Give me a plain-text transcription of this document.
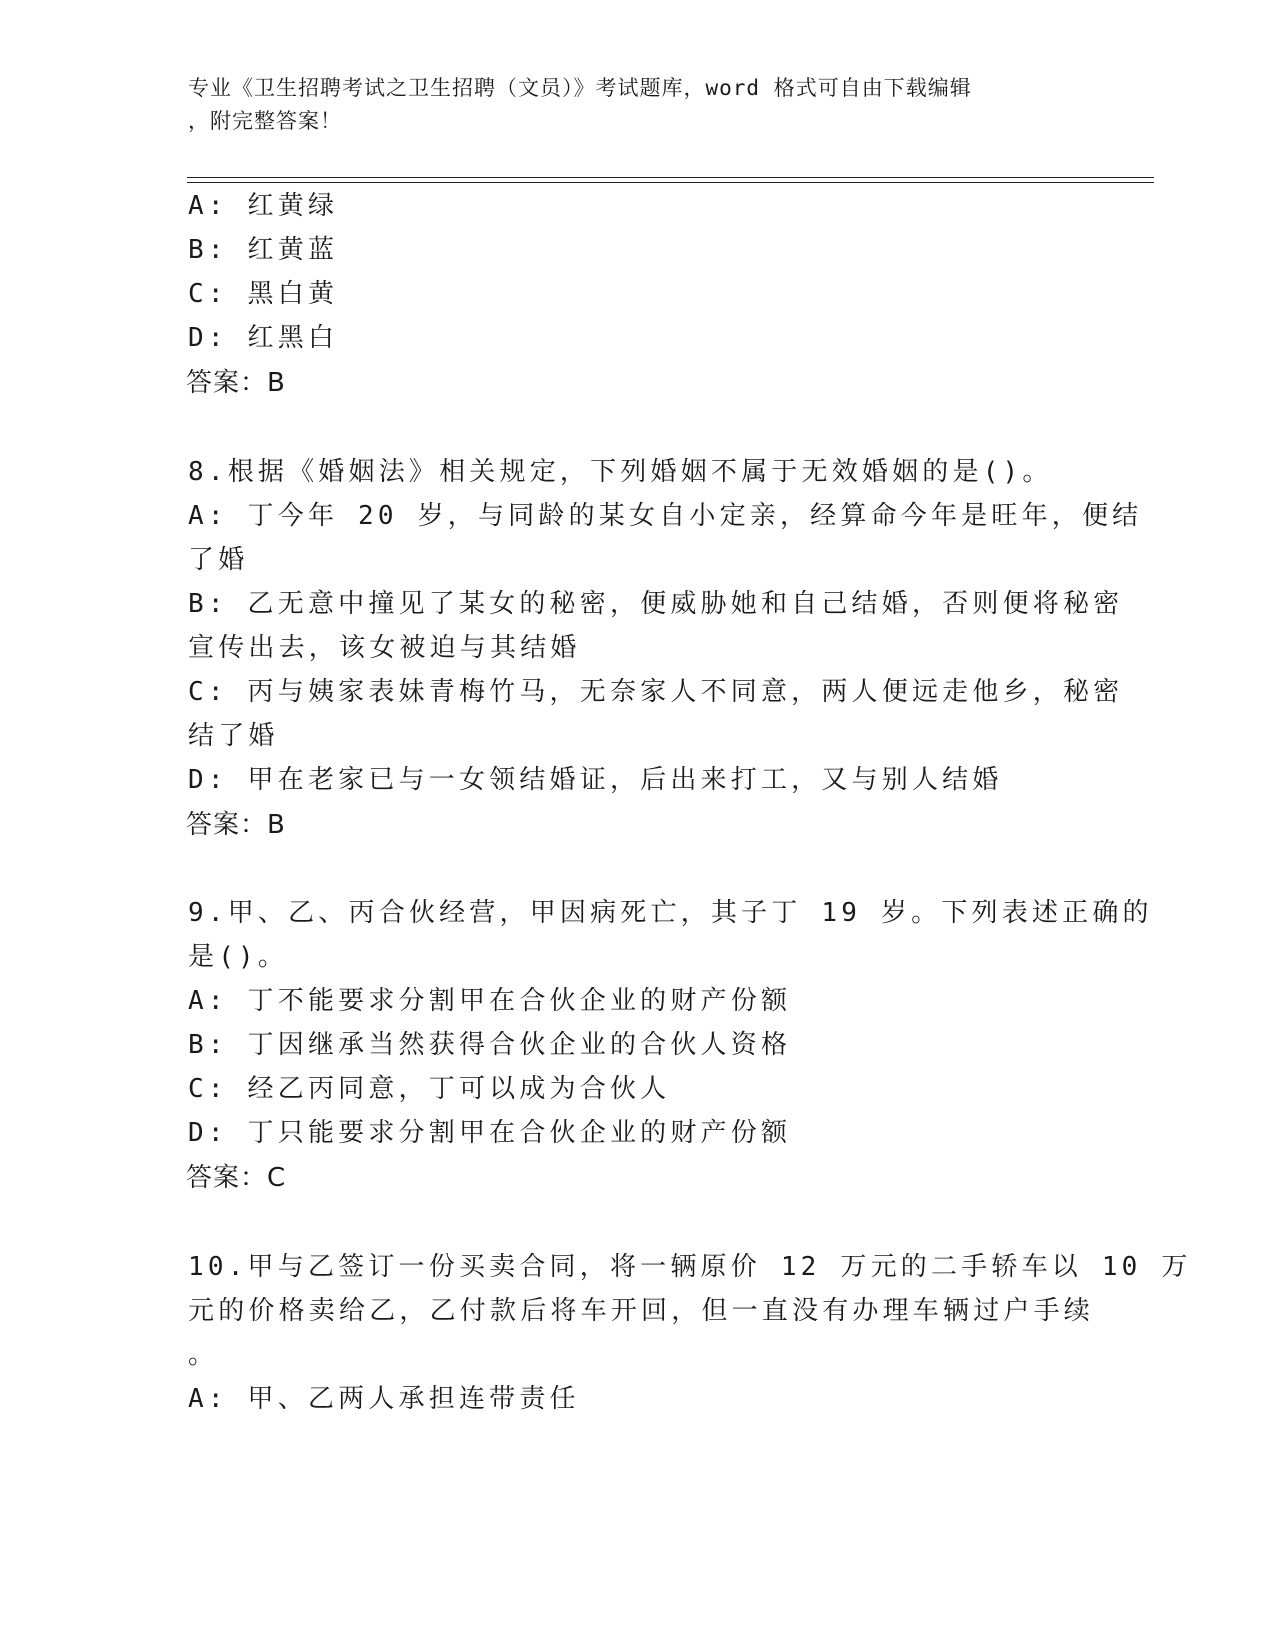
专业《卫生招聘考试之卫生招聘（文员）》考试题库，word 格式可自由下载编辑
，附完整答案！
A: 红黄绿
B: 红黄蓝
C: 黑白黄
D: 红黑白
答案：B
8.根据《婚姻法》相关规定，下列婚姻不属于无效婚姻的是()。
A: 丁今年 20 岁，与同龄的某女自小定亲，经算命今年是旺年，便结
了婚
B: 乙无意中撞见了某女的秘密，便威胁她和自己结婚，否则便将秘密
宣传出去，该女被迫与其结婚
C: 丙与姨家表妹青梅竹马，无奈家人不同意，两人便远走他乡，秘密
结了婚
D: 甲在老家已与一女领结婚证，后出来打工，又与别人结婚
答案：B
9.甲、乙、丙合伙经营，甲因病死亡，其子丁 19 岁。下列表述正确的
是()。
A: 丁不能要求分割甲在合伙企业的财产份额
B: 丁因继承当然获得合伙企业的合伙人资格
C: 经乙丙同意，丁可以成为合伙人
D: 丁只能要求分割甲在合伙企业的财产份额
答案：C
10.甲与乙签订一份买卖合同，将一辆原价 12 万元的二手轿车以 10 万
元的价格卖给乙，乙付款后将车开回，但一直没有办理车辆过户手续
。
A: 甲、乙两人承担连带责任
